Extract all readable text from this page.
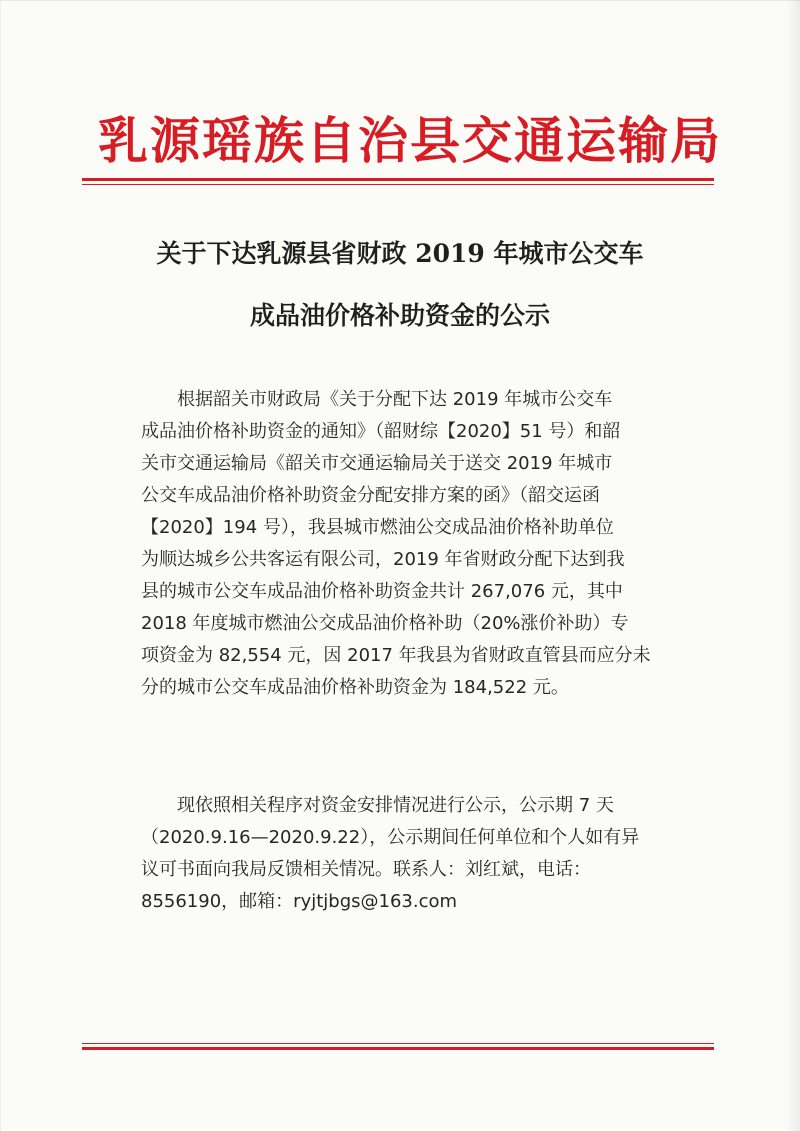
乳源瑶族自治县交通运输局
关于下达乳源县省财政 2019 年城市公交车
成品油价格补助资金的公示
根据韶关市财政局《关于分配下达 2019 年城市公交车
成品油价格补助资金的通知》（韶财综【2020】51 号）和韶
关市交通运输局《韶关市交通运输局关于送交 2019 年城市
公交车成品油价格补助资金分配安排方案的函》（韶交运函
【2020】194 号），我县城市燃油公交成品油价格补助单位
为顺达城乡公共客运有限公司，2019 年省财政分配下达到我
县的城市公交车成品油价格补助资金共计 267,076 元，其中
2018 年度城市燃油公交成品油价格补助（20%涨价补助）专
项资金为 82,554 元，因 2017 年我县为省财政直管县而应分未
分的城市公交车成品油价格补助资金为 184,522 元。
现依照相关程序对资金安排情况进行公示，公示期 7 天
（2020.9.16—2020.9.22），公示期间任何单位和个人如有异
议可书面向我局反馈相关情况。联系人：刘红斌，电话：
8556190，邮箱：ryjtjbgs@163.com
